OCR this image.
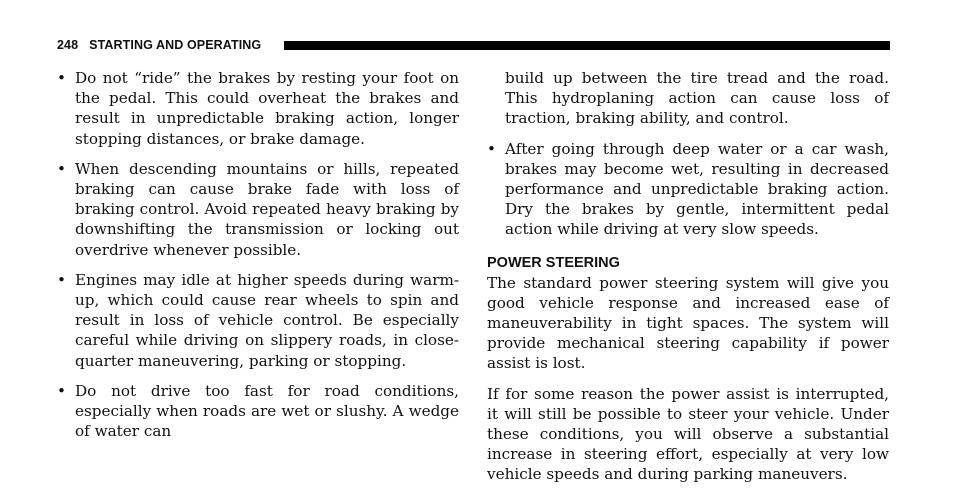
248 STARTING AND OPERATING
• Do not “ride” the brakes by resting your foot on the pedal. This could overheat the brakes and result in unpredictable braking action, longer stopping distances, or brake damage.
• When descending mountains or hills, repeated braking can cause brake fade with loss of braking control. Avoid repeated heavy braking by downshifting the transmission or locking out overdrive whenever possible.
• Engines may idle at higher speeds during warm-up, which could cause rear wheels to spin and result in loss of vehicle control. Be especially careful while driving on slippery roads, in close-quarter maneuvering, parking or stopping.
• Do not drive too fast for road conditions, especially when roads are wet or slushy. A wedge of water can

build up between the tire tread and the road. This hydroplaning action can cause loss of traction, braking ability, and control.

• After going through deep water or a car wash, brakes may become wet, resulting in decreased performance and unpredictable braking action. Dry the brakes by gentle, intermittent pedal action while driving at very slow speeds.
POWER STEERING

The standard power steering system will give you good vehicle response and increased ease of maneuverability in tight spaces. The system will provide mechanical steering capability if power assist is lost.

If for some reason the power assist is interrupted, it will still be possible to steer your vehicle. Under these conditions, you will observe a substantial increase in steering effort, especially at very low vehicle speeds and during parking maneuvers.
